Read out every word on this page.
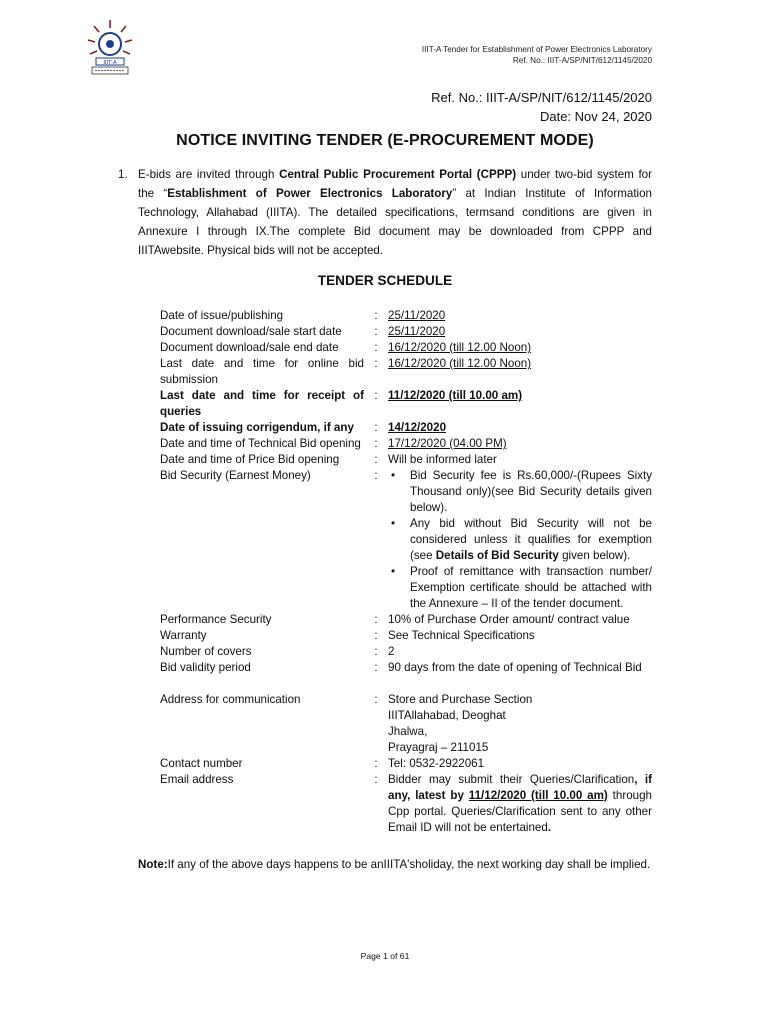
IIIT-A
IIIT-A Tender for Establishment of Power Electronics Laboratory
Ref. No.: IIIT-A/SP/NIT/612/1145/2020
Ref. No.: IIIT-A/SP/NIT/612/1145/2020
Date: Nov 24, 2020
NOTICE INVITING TENDER (E-PROCUREMENT MODE)
1. E-bids are invited through Central Public Procurement Portal (CPPP) under two-bid system for the “Establishment of Power Electronics Laboratory” at Indian Institute of Information Technology, Allahabad (IIITA). The detailed specifications, termsand conditions are given in Annexure I through IX.The complete Bid document may be downloaded from CPPP and IIITAwebsite. Physical bids will not be accepted.
TENDER SCHEDULE
Date of issue/publishing	: 25/11/2020
Document download/sale start date	: 25/11/2020
Document download/sale end date	: 16/12/2020 (till 12.00 Noon)
Last date and time for online bid submission
: 16/12/2020 (till 12.00 Noon)
Last date and time for receipt of queries
: 11/12/2020 (till 10.00 am)
Date of issuing corrigendum, if any	: 14/12/2020
Date and time of Technical Bid opening	: 17/12/2020 (04.00 PM)
Date and time of Price Bid opening	: Will be informed later
Bid Security (Earnest Money)	:
•	Bid Security fee is Rs.60,000/-(Rupees Sixty Thousand only)(see Bid Security details given below).
• Any bid without Bid Security will not be considered unless it qualifies for exemption (see Details of Bid Security given below).
• Proof of remittance with transaction number/ Exemption certificate should be attached with the Annexure – II of the tender document.
Performance Security	: 10% of Purchase Order amount/ contract value
Warranty	: See Technical Specifications
Number of covers	: 2
Bid validity period	: 90 days from the date of opening of Technical Bid
Address for communication	: Store and Purchase Section
IIITAllahabad, Deoghat
Jhalwa,
Prayagraj – 211015
Contact number	: Tel: 0532-2922061
Email address	: Bidder may submit their Queries/Clarification, if any, latest by 11/12/2020 (till 10.00 am) through Cpp portal. Queries/Clarification sent to any other Email ID will not be entertained.
Note:If any of the above days happens to be anIIITA'sholiday, the next working day shall be implied.
Page 1 of 61
